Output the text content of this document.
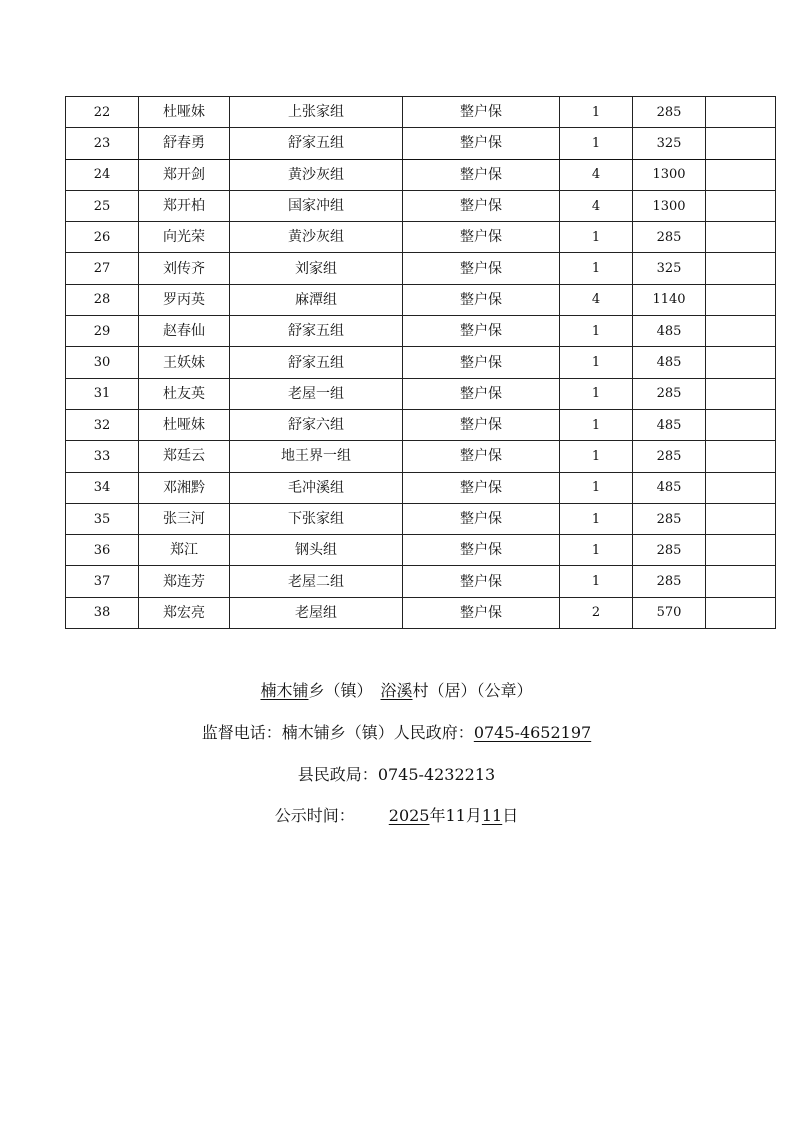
22	杜哑妹	上张家组	整户保	1	285	
23	舒春勇	舒家五组	整户保	1	325	
24	郑开剑	黄沙灰组	整户保	4	1300	
25	郑开柏	国家冲组	整户保	4	1300	
26	向光荣	黄沙灰组	整户保	1	285	
27	刘传齐	刘家组	整户保	1	325	
28	罗丙英	麻潭组	整户保	4	1140	
29	赵春仙	舒家五组	整户保	1	485	
30	王妖妹	舒家五组	整户保	1	485	
31	杜友英	老屋一组	整户保	1	285	
32	杜哑妹	舒家六组	整户保	1	485	
33	郑廷云	地王界一组	整户保	1	285	
34	邓湘黔	毛冲溪组	整户保	1	485	
35	张三河	下张家组	整户保	1	285	
36	郑江	钢头组	整户保	1	285	
37	郑连芳	老屋二组	整户保	1	285	
38	郑宏亮	老屋组	整户保	2	570	
楠木铺乡（镇） 浴溪村（居）（公章）
监督电话：楠木铺乡（镇）人民政府：0745-4652197
县民政局：0745-4232213
公示时间： 2025年11月11日
